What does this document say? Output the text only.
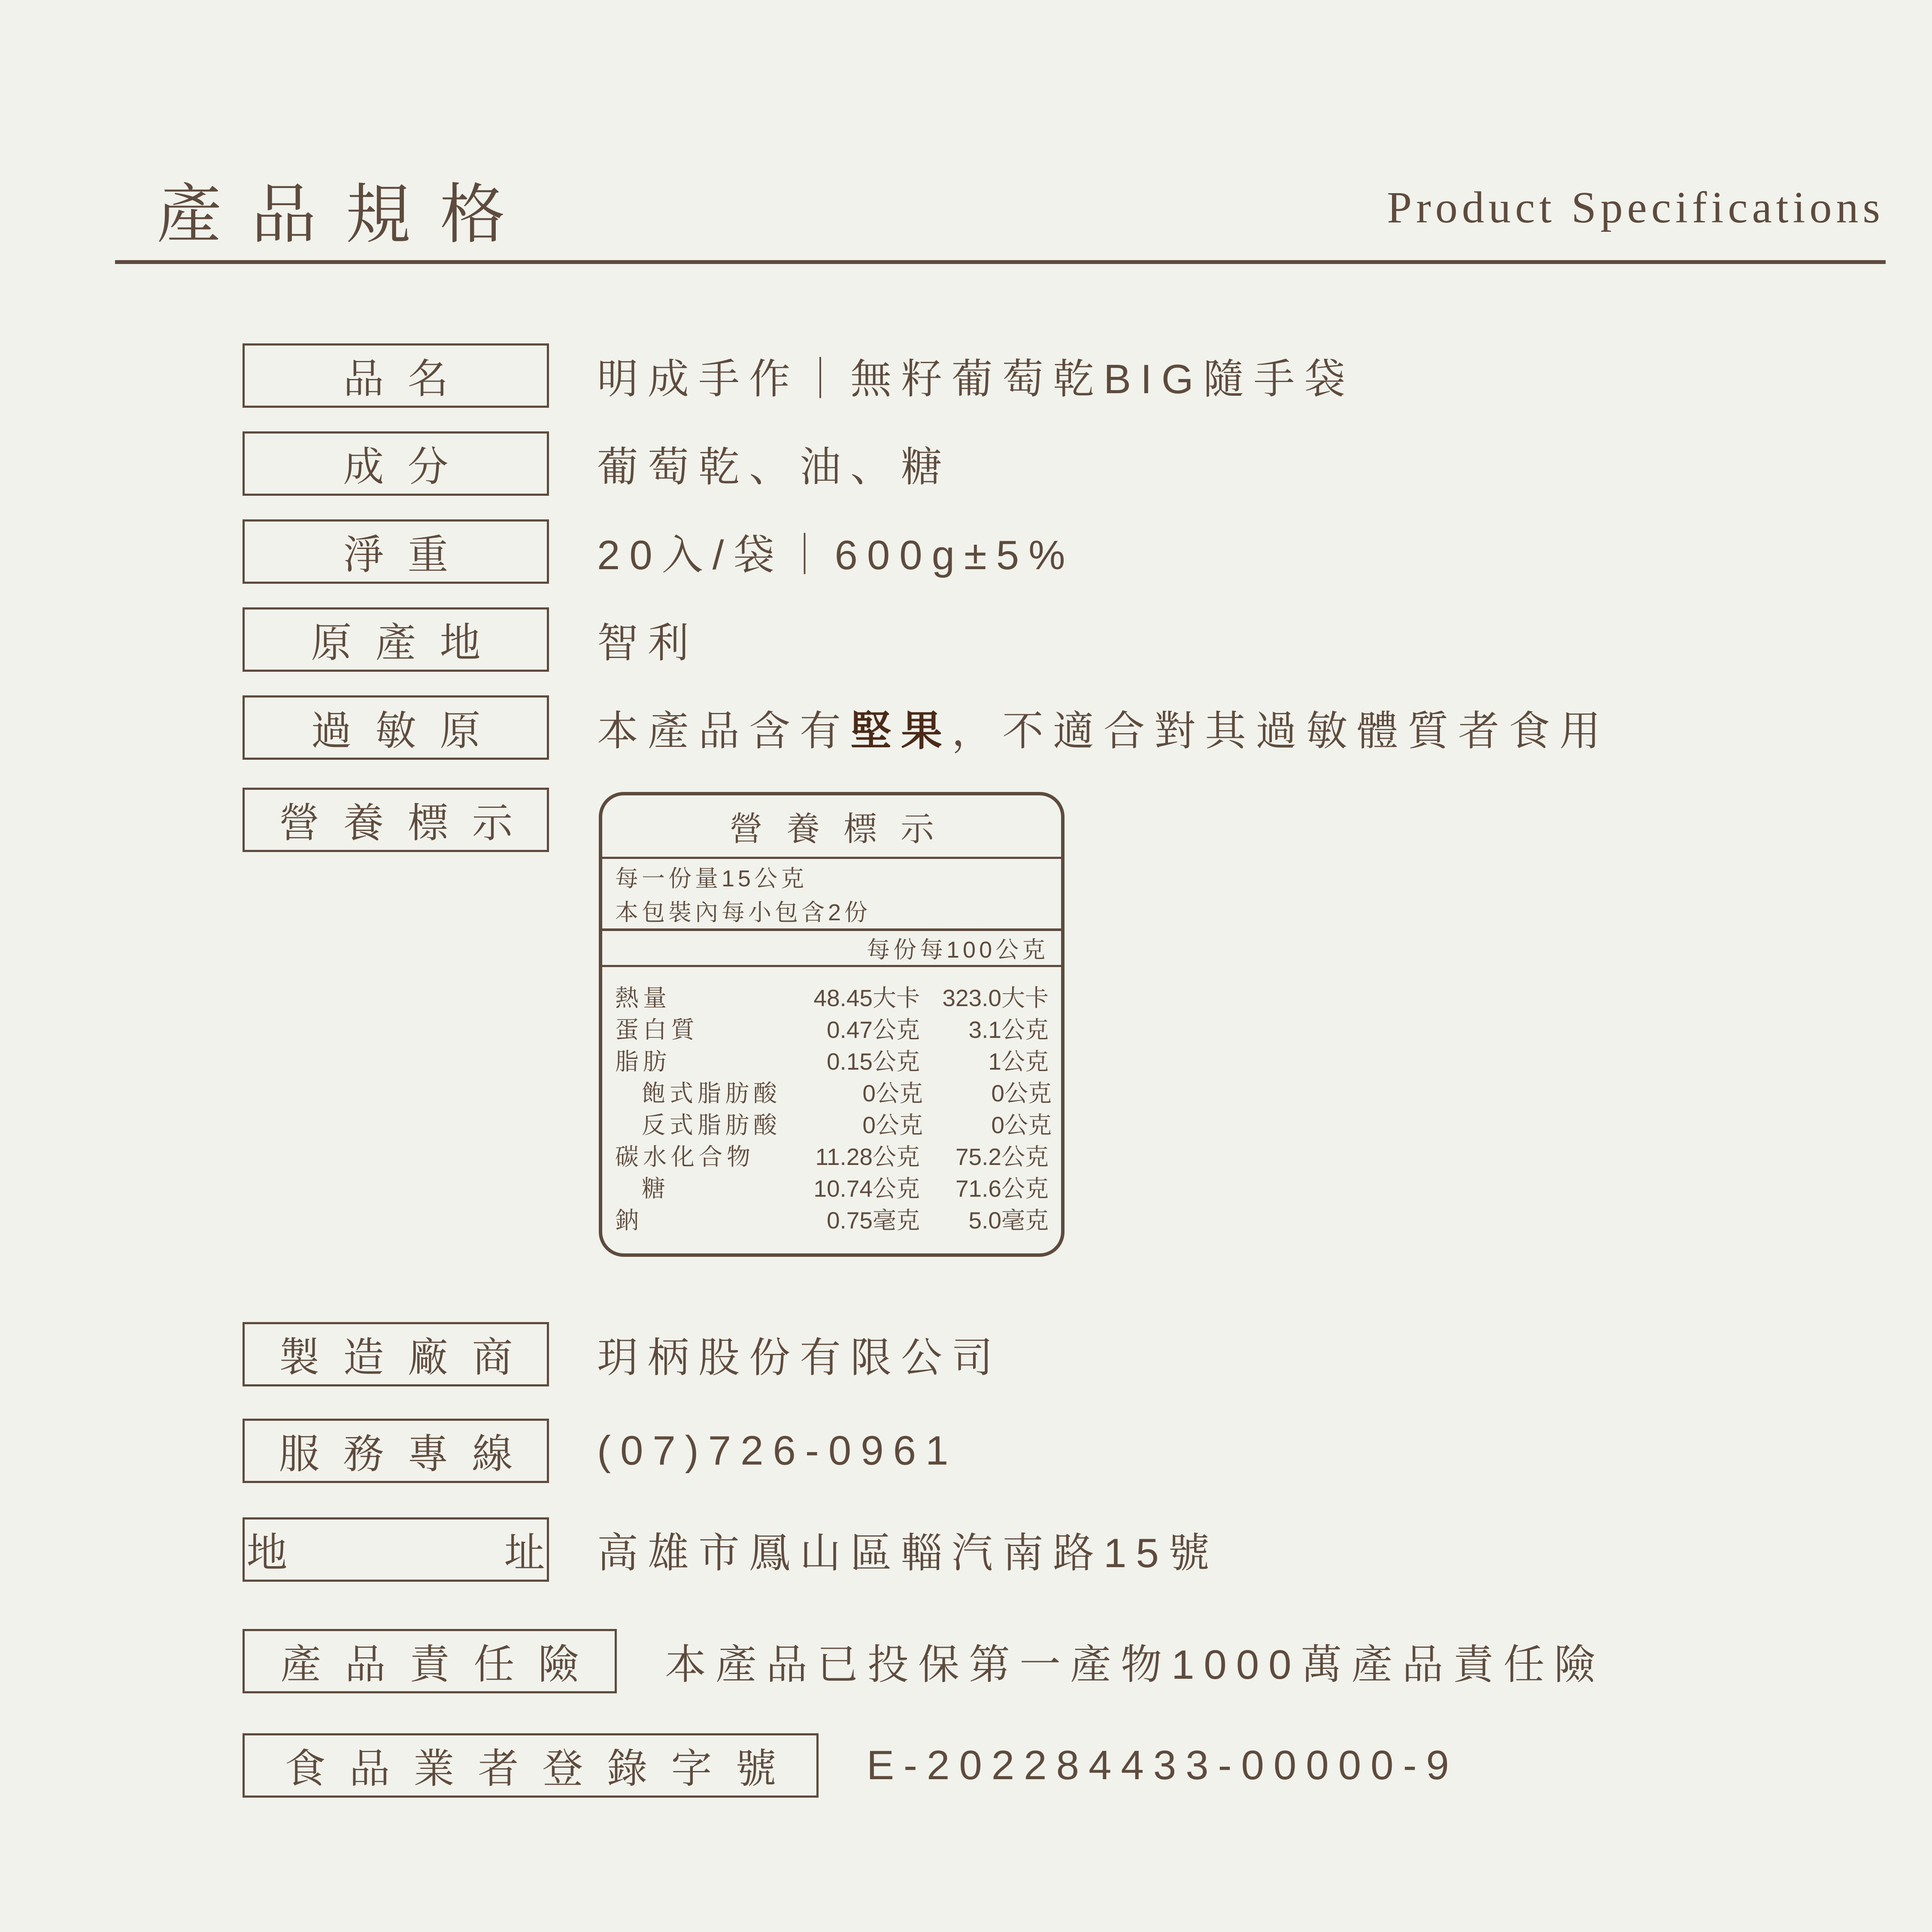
產品規格	Product Specifications
品名	明成手作｜無籽葡萄乾BIG隨手袋
成分	葡萄乾、油、糖
淨重	20入/袋｜600g±5%
原產地 智利
過敏原 本產品含有堅果，不適合對其過敏體質者食用
營養標示	營養標示
每一份量15公克
本包裝內每小包含2份
每份 每100公克
熱量	48.45大卡 323.0大卡
蛋白質	0.47公克	3.1公克
脂肪	0.15公克	1公克
飽式脂肪酸	0公克	0公克
反式脂肪酸	0公克	0公克
碳水化合物	11.28公克	75.2公克
糖	10.74公克	71.6公克
鈉	0.75毫克	5.0毫克
製造廠商 玥柄股份有限公司
服務專線 (07)726-0961
地　　　址 高雄市鳳山區輜汽南路15號
產品責任險 本產品已投保第一產物1000萬產品責任險
食品業者登錄字號 E-202284433-00000-9
